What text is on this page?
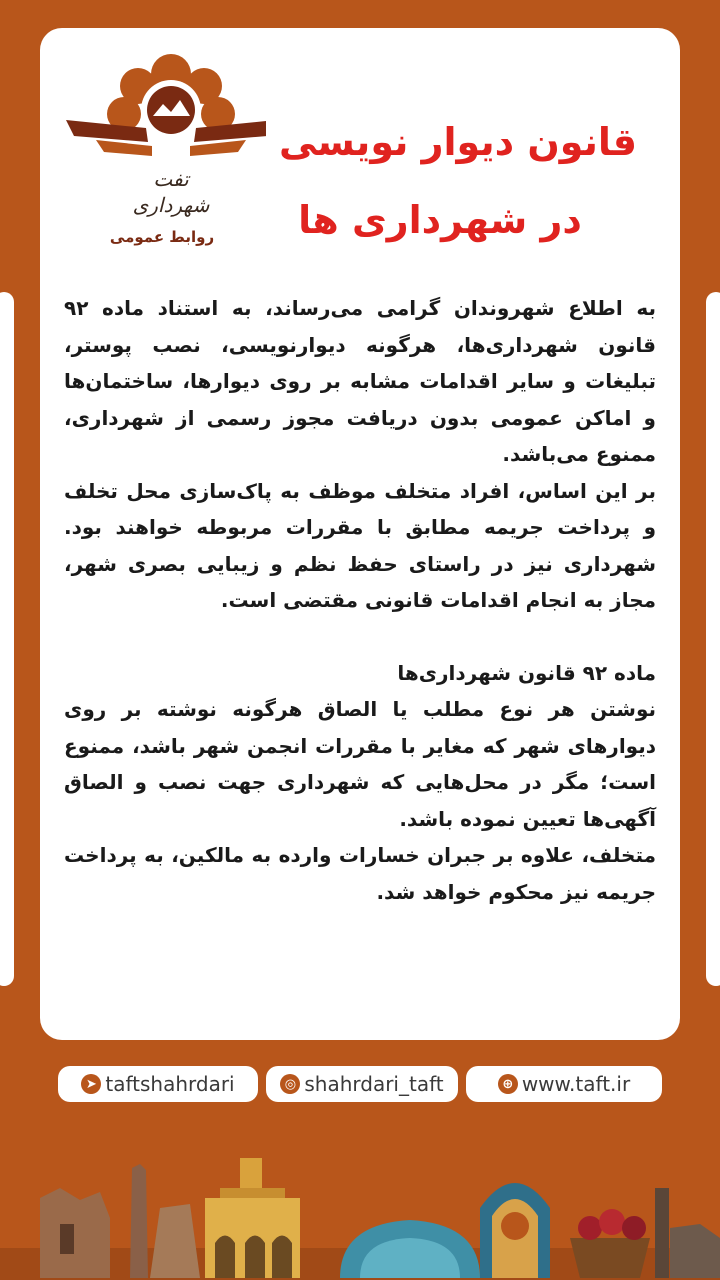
تفت
شهرداری
روابط عمومی
قانون دیوار نویسی
در شهرداری ها

به اطلاع شهروندان گرامی می‌رساند، به استناد ماده ۹۲ قانون شهرداری‌ها، هرگونه دیوارنویسی، نصب پوستر، تبلیغات و سایر اقدامات مشابه بر روی دیوارها، ساختمان‌ها و اماکن عمومی بدون دریافت مجوز رسمی از شهرداری، ممنوع می‌باشد.

بر این اساس، افراد متخلف موظف به پاک‌سازی محل تخلف و پرداخت جریمه مطابق با مقررات مربوطه خواهند بود. شهرداری نیز در راستای حفظ نظم و زیبایی بصری شهر، مجاز به انجام اقدامات قانونی مقتضی است.

ماده ۹۲ قانون شهرداری‌ها

نوشتن هر نوع مطلب یا الصاق هرگونه نوشته بر روی دیوارهای شهر که مغایر با مقررات انجمن شهر باشد، ممنوع است؛ مگر در محل‌هایی که شهرداری جهت نصب و الصاق آگهی‌ها تعیین نموده باشد.

متخلف، علاوه بر جبران خسارات وارده به مالکین، به پرداخت جریمه نیز محکوم خواهد شد.

➤ taftshahrdari	◎ shahrdari_taft	⊕ www.taft.ir
